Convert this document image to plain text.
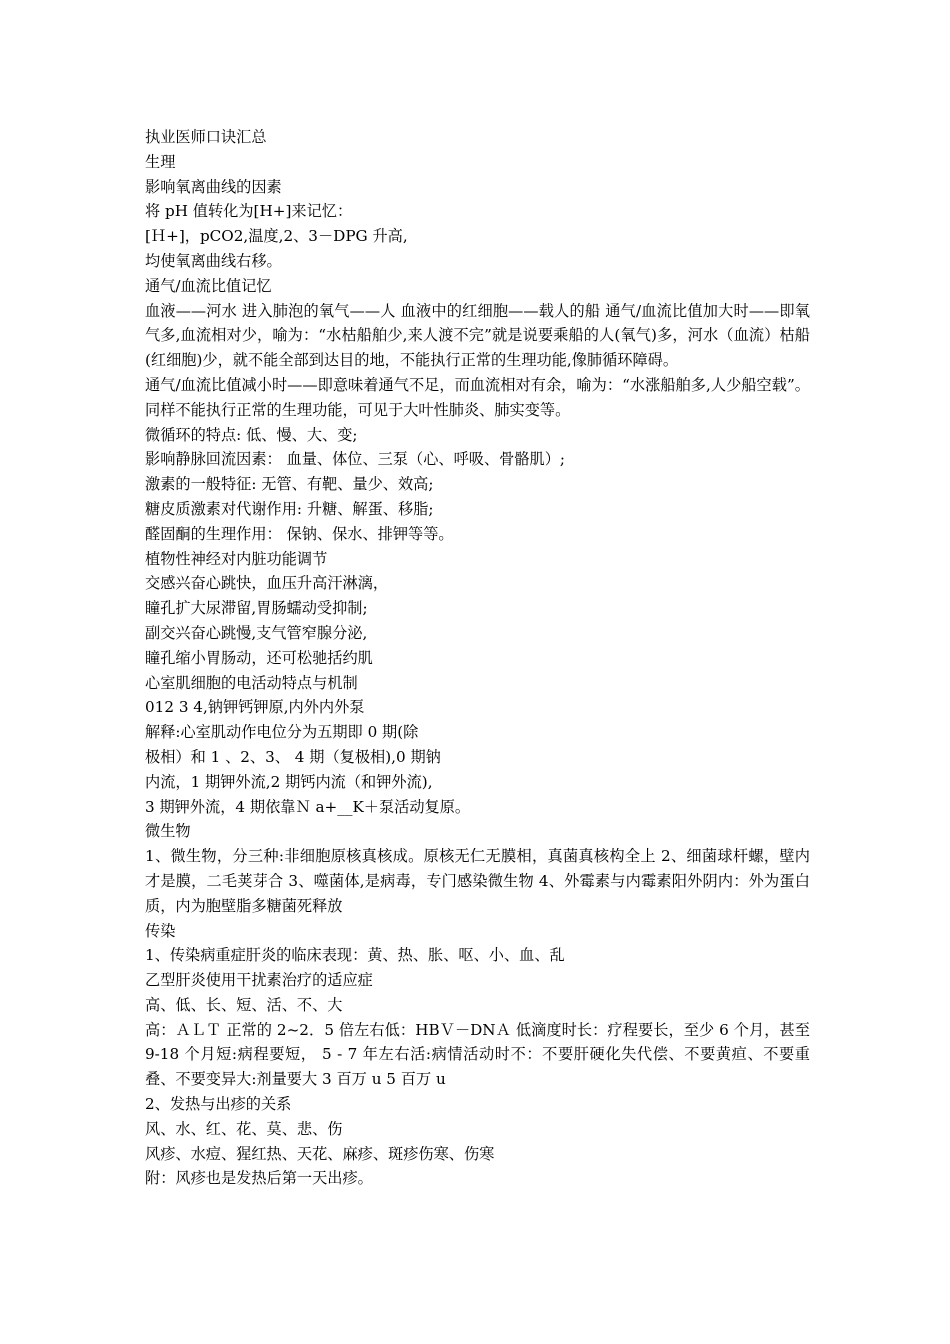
执业医师口诀汇总

生理

影响氧离曲线的因素

将 pH 值转化为[H+]来记忆：

[Ｈ+]，pCO2,温度,2、3－DPG 升高,

均使氧离曲线右移。

通气/血流比值记忆

血液——河水 进入肺泡的氧气——人 血液中的红细胞——载人的船 通气/血流比值加大时——即氧气多,血流相对少，喻为：“水枯船舶少,来人渡不完”就是说要乘船的人(氧气)多，河水（血流）枯船(红细胞)少，就不能全部到达目的地，不能执行正常的生理功能,像肺循环障碍。

通气/血流比值减小时——即意味着通气不足，而血流相对有余，喻为：“水涨船舶多,人少船空载”。同样不能执行正常的生理功能，可见于大叶性肺炎、肺实变等。

微循环的特点: 低、慢、大、变;

影响静脉回流因素： 血量、体位、三泵（心、呼吸、骨骼肌）;

激素的一般特征: 无管、有靶、量少、效高;

糖皮质激素对代谢作用: 升糖、解蛋、移脂;

醛固酮的生理作用： 保钠、保水、排钾等等。

植物性神经对内脏功能调节

交感兴奋心跳快，血压升高汗淋漓，

瞳孔扩大尿滞留,胃肠蠕动受抑制;

副交兴奋心跳慢,支气管窄腺分泌,

瞳孔缩小胃肠动，还可松驰括约肌

心室肌细胞的电活动特点与机制

012 3 4,钠钾钙钾原,内外内外泵

解释:心室肌动作电位分为五期即 0 期(除

极相）和 1 、2、3、 4 期（复极相),0 期钠

内流，1 期钾外流,2 期钙内流（和钾外流),

3 期钾外流，4 期依靠Ｎ a+__K＋泵活动复原。

微生物

1、微生物，分三种:非细胞原核真核成。原核无仁无膜相，真菌真核构全上 2、细菌球杆螺，壁内才是膜，二毛荚芽合 3、噬菌体,是病毒，专门感染微生物 4、外霉素与内霉素阳外阴内：外为蛋白质，内为胞壁脂多糖菌死释放

传染

1、传染病重症肝炎的临床表现：黄、热、胀、呕、小、血、乱

乙型肝炎使用干扰素治疗的适应症

高、低、长、短、活、不、大

高：ＡＬＴ 正常的 2~2．5 倍左右低：HBＶ－DNＡ 低滴度时长：疗程要长，至少 6 个月，甚至 9-18 个月短:病程要短， 5 - 7 年左右活:病情活动时不：不要肝硬化失代偿、不要黄疸、不要重叠、不要变异大:剂量要大 3 百万 u 5 百万 u

2、发热与出疹的关系

风、水、红、花、莫、悲、伤

风疹、水痘、猩红热、天花、麻疹、斑疹伤寒、伤寒

附：风疹也是发热后第一天出疹。
